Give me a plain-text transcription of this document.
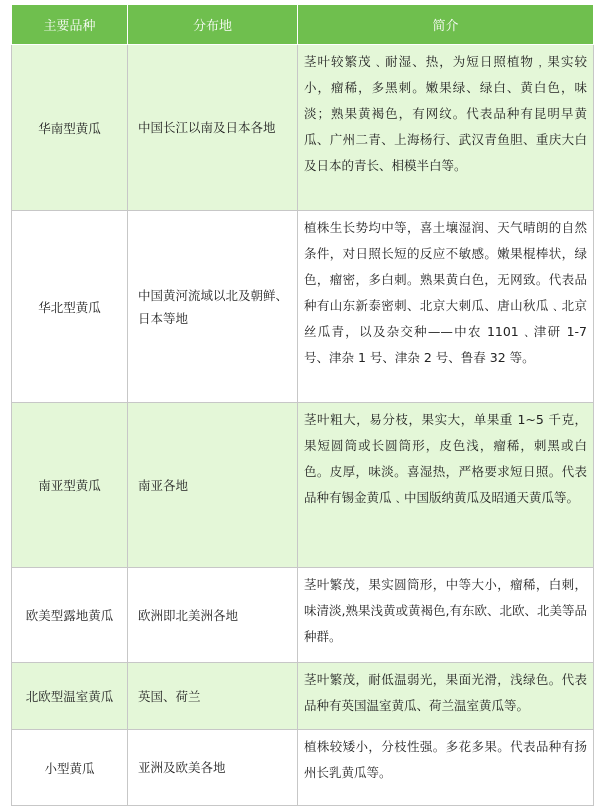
主要品种	分布地	简介
华南型黄瓜	中国长江以南及日本各地	茎叶较繁茂﹑耐湿、热，为短日照植物﹐果实较小，瘤稀，多黑刺。嫩果绿、绿白、黄白色，味淡；熟果黄褐色，有网纹。代表品种有昆明早黄瓜、广州二青、上海杨行、武汉青鱼胆、重庆大白及日本的青长、相模半白等。
华北型黄瓜	中国黄河流域以北及朝鲜、日本等地	植株生长势均中等，喜土壤湿润、天气晴朗的自然条件，对日照长短的反应不敏感。嫩果棍棒状，绿色，瘤密，多白刺。熟果黄白色，无网致。代表品种有山东新泰密刺、北京大刺瓜、唐山秋瓜﹑北京丝瓜青，以及杂交种——中农 1101﹑津研 1-7 号、津杂 1 号、津杂 2 号、鲁春 32 等。
南亚型黄瓜	南亚各地	茎叶粗大，易分枝，果实大，单果重 1~5 千克，果短圆筒或长圆筒形，皮色浅，瘤稀，刺黑或白色。皮厚，味淡。喜湿热，严格要求短日照。代表品种有锡金黄瓜﹑中国版纳黄瓜及昭通天黄瓜等。
欧美型露地黄瓜	欧洲即北美洲各地	茎叶繁茂，果实圆筒形，中等大小，瘤稀，白刺，味清淡,熟果浅黄或黄褐色,有东欧、北欧、北美等品种群。
北欧型温室黄瓜	英国、荷兰	茎叶繁茂，耐低温弱光，果面光滑，浅绿色。代表品种有英国温室黄瓜、荷兰温室黄瓜等。
小型黄瓜	亚洲及欧美各地	植株较矮小，分枝性强。多花多果。代表品种有扬州长乳黄瓜等。
